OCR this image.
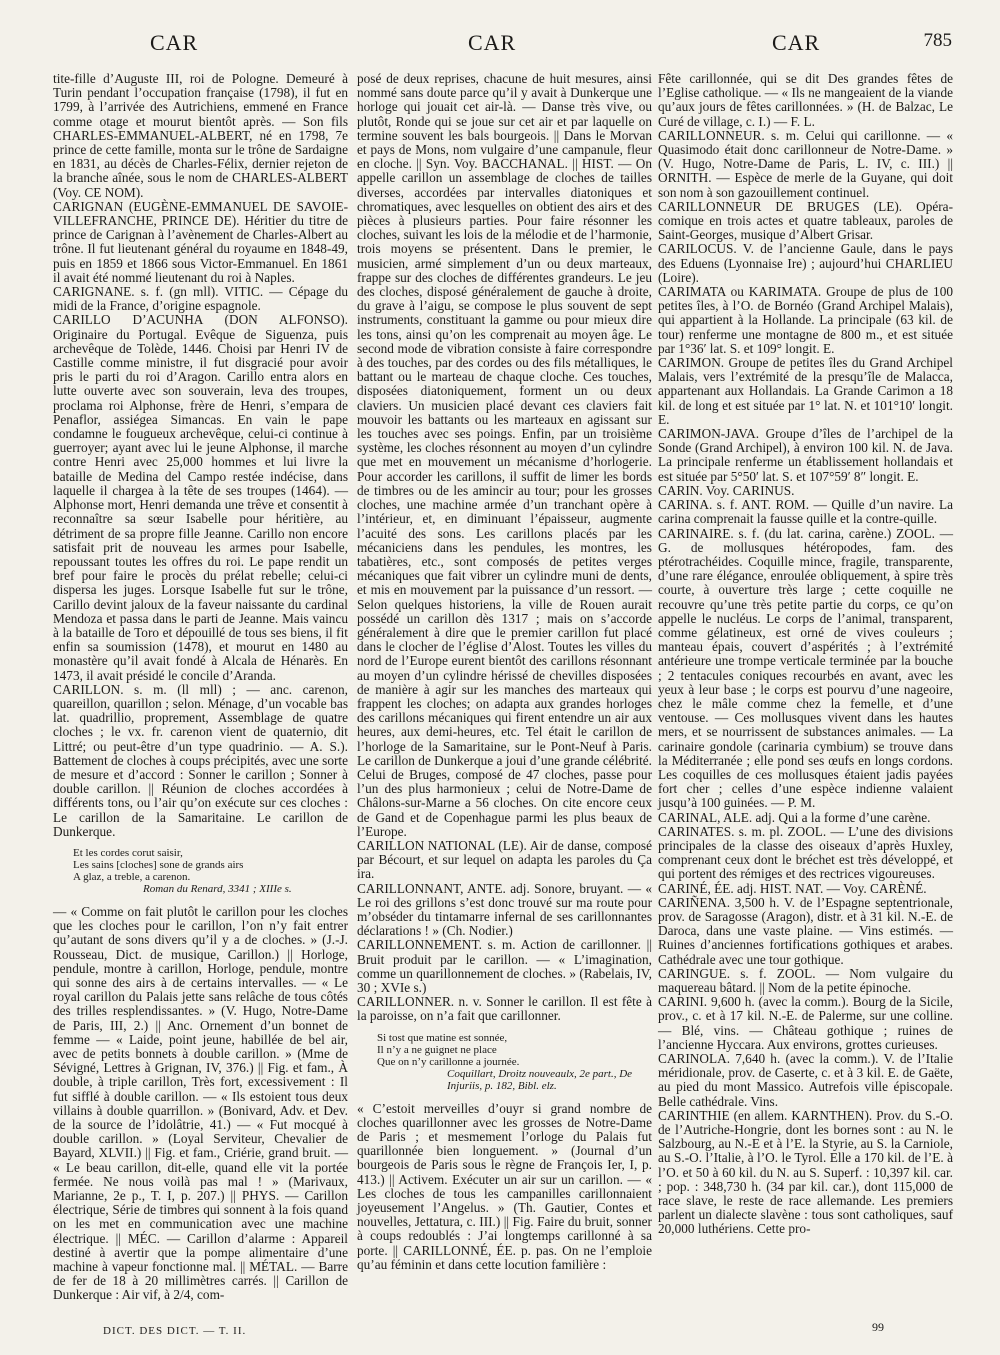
CAR	CAR	CAR	785

tite-fille d’Auguste III, roi de Pologne. Demeuré à Turin pendant l’occupation française (1798), il fut en 1799, à l’arrivée des Autrichiens, emmené en France comme otage et mourut bientôt après. — Son fils CHARLES-EMMANUEL-ALBERT, né en 1798, 7e prince de cette famille, monta sur le trône de Sardaigne en 1831, au décès de Charles-Félix, dernier rejeton de la branche aînée, sous le nom de CHARLES-ALBERT (Voy. CE NOM).

CARIGNAN (EUGÈNE-EMMANUEL DE SAVOIE-VILLEFRANCHE, PRINCE DE). Héritier du titre de prince de Carignan à l’avènement de Charles-Albert au trône. Il fut lieutenant général du royaume en 1848-49, puis en 1859 et 1866 sous Victor-Emmanuel. En 1861 il avait été nommé lieutenant du roi à Naples.

CARIGNANE. s. f. (gn mll). VITIC. — Cépage du midi de la France, d’origine espagnole.

CARILLO D’ACUNHA (DON ALFONSO). Originaire du Portugal. Evêque de Siguenza, puis archevêque de Tolède, 1446. Choisi par Henri IV de Castille comme ministre, il fut disgracié pour avoir pris le parti du roi d’Aragon. Carillo entra alors en lutte ouverte avec son souverain, leva des troupes, proclama roi Alphonse, frère de Henri, s’empara de Penaflor, assiégea Simancas. En vain le pape condamne le fougueux archevêque, celui-ci continue à guerroyer; ayant avec lui le jeune Alphonse, il marche contre Henri avec 25,000 hommes et lui livre la bataille de Medina del Campo restée indécise, dans laquelle il chargea à la tête de ses troupes (1464). — Alphonse mort, Henri demanda une trêve et consentit à reconnaître sa sœur Isabelle pour héritière, au détriment de sa propre fille Jeanne. Carillo non encore satisfait prit de nouveau les armes pour Isabelle, repoussant toutes les offres du roi. Le pape rendit un bref pour faire le procès du prélat rebelle; celui-ci dispersa les juges. Lorsque Isabelle fut sur le trône, Carillo devint jaloux de la faveur naissante du cardinal Mendoza et passa dans le parti de Jeanne. Mais vaincu à la bataille de Toro et dépouillé de tous ses biens, il fit enfin sa soumission (1478), et mourut en 1480 au monastère qu’il avait fondé à Alcala de Hénarès. En 1473, il avait présidé le concile d’Aranda.

CARILLON. s. m. (ll mll) ; — anc. carenon, quareillon, quarillon ; selon. Ménage, d’un vocable bas lat. quadrillio, proprement, Assemblage de quatre cloches ; le vx. fr. carenon vient de quaternio, dit Littré; ou peut-être d’un type quadrinio. — A. S.). Battement de cloches à coups précipités, avec une sorte de mesure et d’accord : Sonner le carillon ; Sonner à double carillon. || Réunion de cloches accordées à différents tons, ou l’air qu’on exécute sur ces cloches : Le carillon de la Samaritaine. Le carillon de Dunkerque.

Et les cordes corut saisir,
Les sains [cloches] sone de grands airs
A glaz, a treble, a carenon.
Roman du Renard, 3341 ; XIIIe s.

— « Comme on fait plutôt le carillon pour les cloches que les cloches pour le carillon, l’on n’y fait entrer qu’autant de sons divers qu’il y a de cloches. » (J.-J. Rousseau, Dict. de musique, Carillon.) || Horloge, pendule, montre à carillon, Horloge, pendule, montre qui sonne des airs à de certains intervalles. — « Le royal carillon du Palais jette sans relâche de tous côtés des trilles resplendissantes. » (V. Hugo, Notre-Dame de Paris, III, 2.) || Anc. Ornement d’un bonnet de femme — « Laide, point jeune, habillée de bel air, avec de petits bonnets à double carillon. » (Mme de Sévigné, Lettres à Grignan, IV, 376.) || Fig. et fam., À double, à triple carillon, Très fort, excessivement : Il fut sifflé à double carillon. — « Ils estoient tous deux villains à double quarrillon. » (Bonivard, Adv. et Dev. de la source de l’idolâtrie, 41.) — « Fut mocqué à double carillon. » (Loyal Serviteur, Chevalier de Bayard, XLVII.) || Fig. et fam., Criérie, grand bruit. — « Le beau carillon, dit-elle, quand elle vit la portée fermée. Ne nous voilà pas mal ! » (Marivaux, Marianne, 2e p., T. I, p. 207.) || PHYS. — Carillon électrique, Série de timbres qui sonnent à la fois quand on les met en communication avec une machine électrique. || MÉC. — Carillon d’alarme : Appareil destiné à avertir que la pompe alimentaire d’une machine à vapeur fonctionne mal. || MÉTAL. — Barre de fer de 18 à 20 millimètres carrés. || Carillon de Dunkerque : Air vif, à 2/4, com-

posé de deux reprises, chacune de huit mesures, ainsi nommé sans doute parce qu’il y avait à Dunkerque une horloge qui jouait cet air-là. — Danse très vive, ou plutôt, Ronde qui se joue sur cet air et par laquelle on termine souvent les bals bourgeois. || Dans le Morvan et pays de Mons, nom vulgaire d’une campanule, fleur en cloche. || Syn. Voy. BACCHANAL. || HIST. — On appelle carillon un assemblage de cloches de tailles diverses, accordées par intervalles diatoniques et chromatiques, avec lesquelles on obtient des airs et des pièces à plusieurs parties. Pour faire résonner les cloches, suivant les lois de la mélodie et de l’harmonie, trois moyens se présentent. Dans le premier, le musicien, armé simplement d’un ou deux marteaux, frappe sur des cloches de différentes grandeurs. Le jeu des cloches, disposé généralement de gauche à droite, du grave à l’aigu, se compose le plus souvent de sept instruments, constituant la gamme ou pour mieux dire les tons, ainsi qu’on les comprenait au moyen âge. Le second mode de vibration consiste à faire correspondre à des touches, par des cordes ou des fils métalliques, le battant ou le marteau de chaque cloche. Ces touches, disposées diatoniquement, forment un ou deux claviers. Un musicien placé devant ces claviers fait mouvoir les battants ou les marteaux en agissant sur les touches avec ses poings. Enfin, par un troisième système, les cloches résonnent au moyen d’un cylindre que met en mouvement un mécanisme d’horlogerie. Pour accorder les carillons, il suffit de limer les bords de timbres ou de les amincir au tour; pour les grosses cloches, une machine armée d’un tranchant opère à l’intérieur, et, en diminuant l’épaisseur, augmente l’acuité des sons. Les carillons placés par les mécaniciens dans les pendules, les montres, les tabatières, etc., sont composés de petites verges mécaniques que fait vibrer un cylindre muni de dents, et mis en mouvement par la puissance d’un ressort. — Selon quelques historiens, la ville de Rouen aurait possédé un carillon dès 1317 ; mais on s’accorde généralement à dire que le premier carillon fut placé dans le clocher de l’église d’Alost. Toutes les villes du nord de l’Europe eurent bientôt des carillons résonnant au moyen d’un cylindre hérissé de chevilles disposées de manière à agir sur les manches des marteaux qui frappent les cloches; on adapta aux grandes horloges des carillons mécaniques qui firent entendre un air aux heures, aux demi-heures, etc. Tel était le carillon de l’horloge de la Samaritaine, sur le Pont-Neuf à Paris. Le carillon de Dunkerque a joui d’une grande célébrité. Celui de Bruges, composé de 47 cloches, passe pour l’un des plus harmonieux ; celui de Notre-Dame de Châlons-sur-Marne a 56 cloches. On cite encore ceux de Gand et de Copenhague parmi les plus beaux de l’Europe.

CARILLON NATIONAL (LE). Air de danse, composé par Bécourt, et sur lequel on adapta les paroles du Ça ira.

CARILLONNANT, ANTE. adj. Sonore, bruyant. — « Le roi des grillons s’est donc trouvé sur ma route pour m’obséder du tintamarre infernal de ses carillonnantes déclarations ! » (Ch. Nodier.)

CARILLONNEMENT. s. m. Action de carillonner. || Bruit produit par le carillon. — « L’imagination, comme un quarillonnement de cloches. » (Rabelais, IV, 30 ; XVIe s.)

CARILLONNER. n. v. Sonner le carillon. Il est fête à la paroisse, on n’a fait que carillonner.

Si tost que matine est sonnée,
Il n’y a ne guignet ne place
Que on n’y carillonne a journée.
Coquillart, Droitz nouveaulx, 2e part., De Injuriis, p. 182, Bibl. elz.

« C’estoit merveilles d’ouyr si grand nombre de cloches quarillonner avec les grosses de Notre-Dame de Paris ; et mesmement l’orloge du Palais fut quarillonnée bien longuement. » (Journal d’un bourgeois de Paris sous le règne de François Ier, I, p. 413.) || Activem. Exécuter un air sur un carillon. — « Les cloches de tous les campanilles carillonnaient joyeusement l’Angelus. » (Th. Gautier, Contes et nouvelles, Jettatura, c. III.) || Fig. Faire du bruit, sonner à coups redoublés : J’ai longtemps carillonné à sa porte. || CARILLONNÉ, ÉE. p. pas. On ne l’emploie qu’au féminin et dans cette locution familière :

Fête carillonnée, qui se dit Des grandes fêtes de l’Eglise catholique. — « Ils ne mangeaient de la viande qu’aux jours de fêtes carillonnées. » (H. de Balzac, Le Curé de village, c. I.) — F. L.

CARILLONNEUR. s. m. Celui qui carillonne. — « Quasimodo était donc carillonneur de Notre-Dame. » (V. Hugo, Notre-Dame de Paris, L. IV, c. III.) || ORNITH. — Espèce de merle de la Guyane, qui doit son nom à son gazouillement continuel.

CARILLONNEUR DE BRUGES (LE). Opéra-comique en trois actes et quatre tableaux, paroles de Saint-Georges, musique d’Albert Grisar.

CARILOCUS. V. de l’ancienne Gaule, dans le pays des Eduens (Lyonnaise Ire) ; aujourd’hui CHARLIEU (Loire).

CARIMATA ou KARIMATA. Groupe de plus de 100 petites îles, à l’O. de Bornéo (Grand Archipel Malais), qui appartient à la Hollande. La principale (63 kil. de tour) renferme une montagne de 800 m., et est située par 1°36′ lat. S. et 109° longit. E.

CARIMON. Groupe de petites îles du Grand Archipel Malais, vers l’extrémité de la presqu’île de Malacca, appartenant aux Hollandais. La Grande Carimon a 18 kil. de long et est située par 1° lat. N. et 101°10′ longit. E.

CARIMON-JAVA. Groupe d’îles de l’archipel de la Sonde (Grand Archipel), à environ 100 kil. N. de Java. La principale renferme un établissement hollandais et est située par 5°50′ lat. S. et 107°59′ 8″ longit. E.

CARIN. Voy. CARINUS.

CARINA. s. f. ANT. ROM. — Quille d’un navire. La carina comprenait la fausse quille et la contre-quille.

CARINAIRE. s. f. (du lat. carina, carène.) ZOOL. — G. de mollusques hétéropodes, fam. des ptérotrachéides. Coquille mince, fragile, transparente, d’une rare élégance, enroulée obliquement, à spire très courte, à ouverture très large ; cette coquille ne recouvre qu’une très petite partie du corps, ce qu’on appelle le nucléus. Le corps de l’animal, transparent, comme gélatineux, est orné de vives couleurs ; manteau épais, couvert d’aspérités ; à l’extrémité antérieure une trompe verticale terminée par la bouche ; 2 tentacules coniques recourbés en avant, avec les yeux à leur base ; le corps est pourvu d’une nageoire, chez le mâle comme chez la femelle, et d’une ventouse. — Ces mollusques vivent dans les hautes mers, et se nourrissent de substances animales. — La carinaire gondole (carinaria cymbium) se trouve dans la Méditerranée ; elle pond ses œufs en longs cordons. Les coquilles de ces mollusques étaient jadis payées fort cher ; celles d’une espèce indienne valaient jusqu’à 100 guinées. — P. M.

CARINAL, ALE. adj. Qui a la forme d’une carène.

CARINATES. s. m. pl. ZOOL. — L’une des divisions principales de la classe des oiseaux d’après Huxley, comprenant ceux dont le bréchet est très développé, et qui portent des rémiges et des rectrices vigoureuses.

CARINÉ, ÉE. adj. HIST. NAT. — Voy. CARÈNÉ.

CARIÑENA. 3,500 h. V. de l’Espagne septentrionale, prov. de Saragosse (Aragon), distr. et à 31 kil. N.-E. de Daroca, dans une vaste plaine. — Vins estimés. — Ruines d’anciennes fortifications gothiques et arabes. Cathédrale avec une tour gothique.

CARINGUE. s. f. ZOOL. — Nom vulgaire du maquereau bâtard. || Nom de la petite épinoche.

CARINI. 9,600 h. (avec la comm.). Bourg de la Sicile, prov., c. et à 17 kil. N.-E. de Palerme, sur une colline. — Blé, vins. — Château gothique ; ruines de l’ancienne Hyccara. Aux environs, grottes curieuses.

CARINOLA. 7,640 h. (avec la comm.). V. de l’Italie méridionale, prov. de Caserte, c. et à 3 kil. E. de Gaëte, au pied du mont Massico. Autrefois ville épiscopale. Belle cathédrale. Vins.

CARINTHIE (en allem. KARNTHEN). Prov. du S.-O. de l’Autriche-Hongrie, dont les bornes sont : au N. le Salzbourg, au N.-E et à l’E. la Styrie, au S. la Carniole, au S.-O. l’Italie, à l’O. le Tyrol. Elle a 170 kil. de l’E. à l’O. et 50 à 60 kil. du N. au S. Superf. : 10,397 kil. car. ; pop. : 348,730 h. (34 par kil. car.), dont 115,000 de race slave, le reste de race allemande. Les premiers parlent un dialecte slavène : tous sont catholiques, sauf 20,000 luthériens. Cette pro-

DICT. DES DICT. — T. II.	99
